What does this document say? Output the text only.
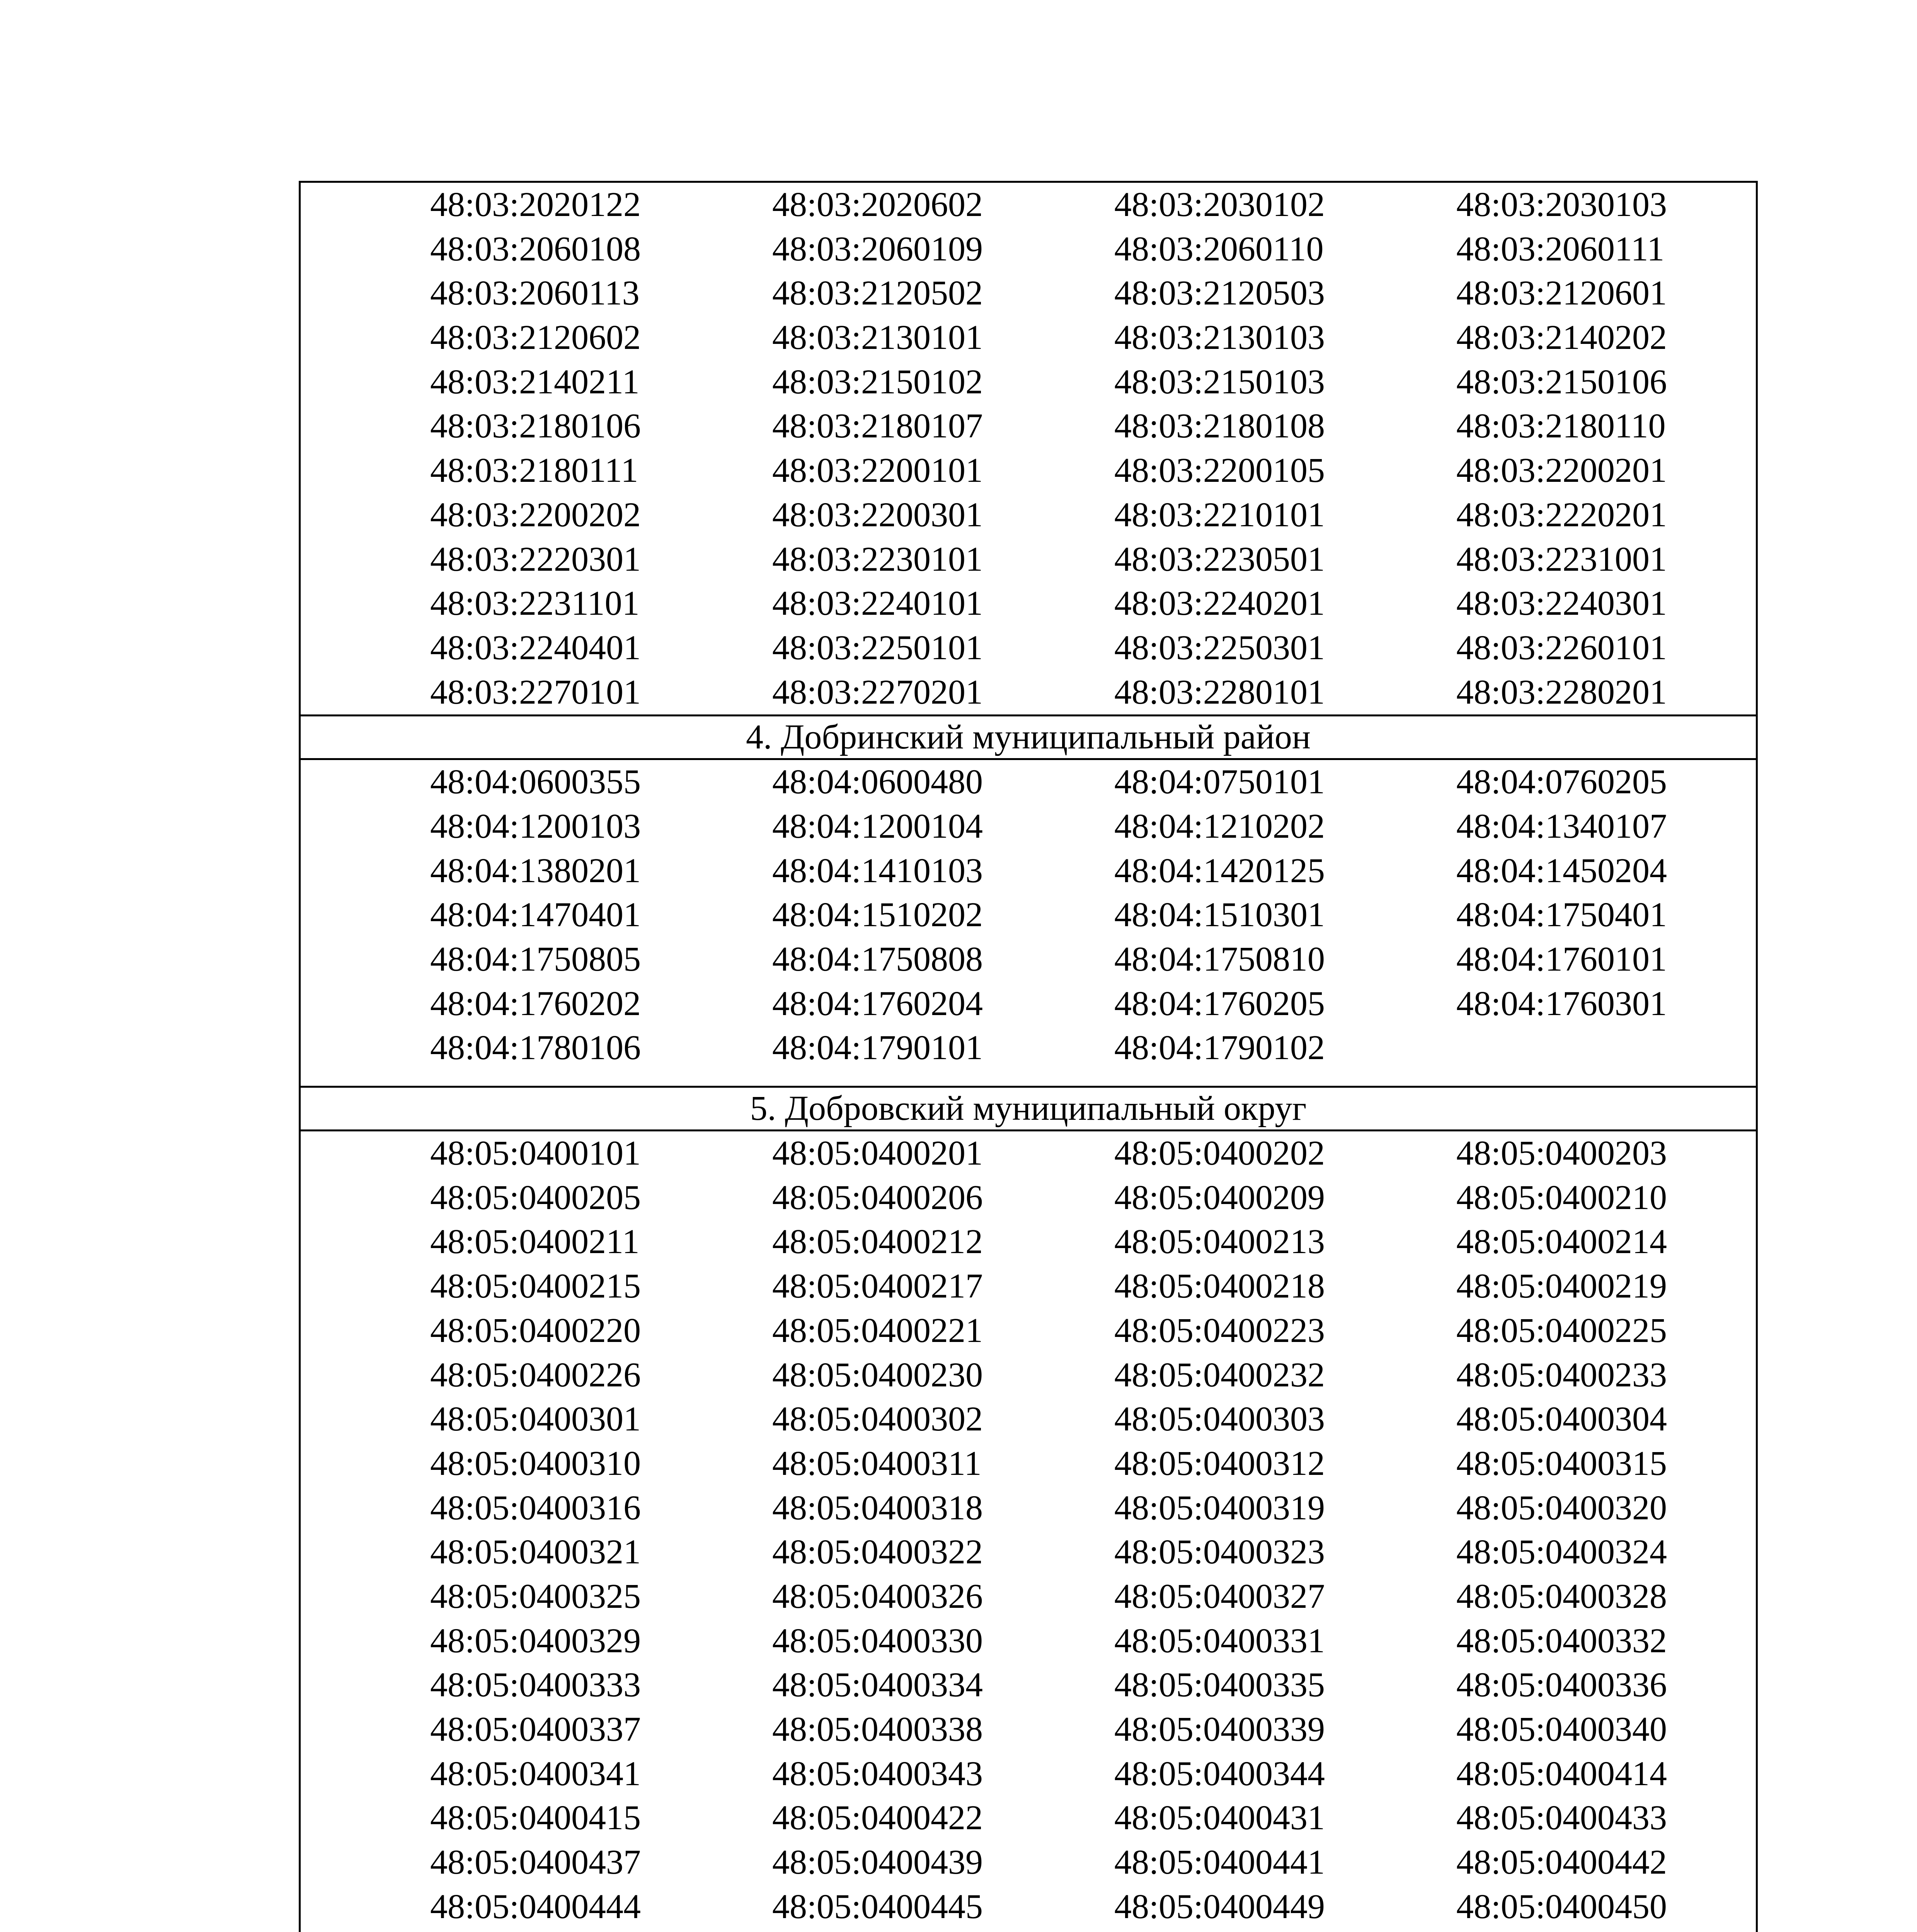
48:03:2020122	48:03:2020602	48:03:2030102	48:03:2030103
48:03:2060108	48:03:2060109	48:03:2060110	48:03:2060111
48:03:2060113	48:03:2120502	48:03:2120503	48:03:2120601
48:03:2120602	48:03:2130101	48:03:2130103	48:03:2140202
48:03:2140211	48:03:2150102	48:03:2150103	48:03:2150106
48:03:2180106	48:03:2180107	48:03:2180108	48:03:2180110
48:03:2180111	48:03:2200101	48:03:2200105	48:03:2200201
48:03:2200202	48:03:2200301	48:03:2210101	48:03:2220201
48:03:2220301	48:03:2230101	48:03:2230501	48:03:2231001
48:03:2231101	48:03:2240101	48:03:2240201	48:03:2240301
48:03:2240401	48:03:2250101	48:03:2250301	48:03:2260101
48:03:2270101	48:03:2270201	48:03:2280101	48:03:2280201

4. Добринский муниципальный район

48:04:0600355	48:04:0600480	48:04:0750101	48:04:0760205
48:04:1200103	48:04:1200104	48:04:1210202	48:04:1340107
48:04:1380201	48:04:1410103	48:04:1420125	48:04:1450204
48:04:1470401	48:04:1510202	48:04:1510301	48:04:1750401
48:04:1750805	48:04:1750808	48:04:1750810	48:04:1760101
48:04:1760202	48:04:1760204	48:04:1760205	48:04:1760301
48:04:1780106	48:04:1790101	48:04:1790102

5. Добровский муниципальный округ

48:05:0400101	48:05:0400201	48:05:0400202	48:05:0400203
48:05:0400205	48:05:0400206	48:05:0400209	48:05:0400210
48:05:0400211	48:05:0400212	48:05:0400213	48:05:0400214
48:05:0400215	48:05:0400217	48:05:0400218	48:05:0400219
48:05:0400220	48:05:0400221	48:05:0400223	48:05:0400225
48:05:0400226	48:05:0400230	48:05:0400232	48:05:0400233
48:05:0400301	48:05:0400302	48:05:0400303	48:05:0400304
48:05:0400310	48:05:0400311	48:05:0400312	48:05:0400315
48:05:0400316	48:05:0400318	48:05:0400319	48:05:0400320
48:05:0400321	48:05:0400322	48:05:0400323	48:05:0400324
48:05:0400325	48:05:0400326	48:05:0400327	48:05:0400328
48:05:0400329	48:05:0400330	48:05:0400331	48:05:0400332
48:05:0400333	48:05:0400334	48:05:0400335	48:05:0400336
48:05:0400337	48:05:0400338	48:05:0400339	48:05:0400340
48:05:0400341	48:05:0400343	48:05:0400344	48:05:0400414
48:05:0400415	48:05:0400422	48:05:0400431	48:05:0400433
48:05:0400437	48:05:0400439	48:05:0400441	48:05:0400442
48:05:0400444	48:05:0400445	48:05:0400449	48:05:0400450
